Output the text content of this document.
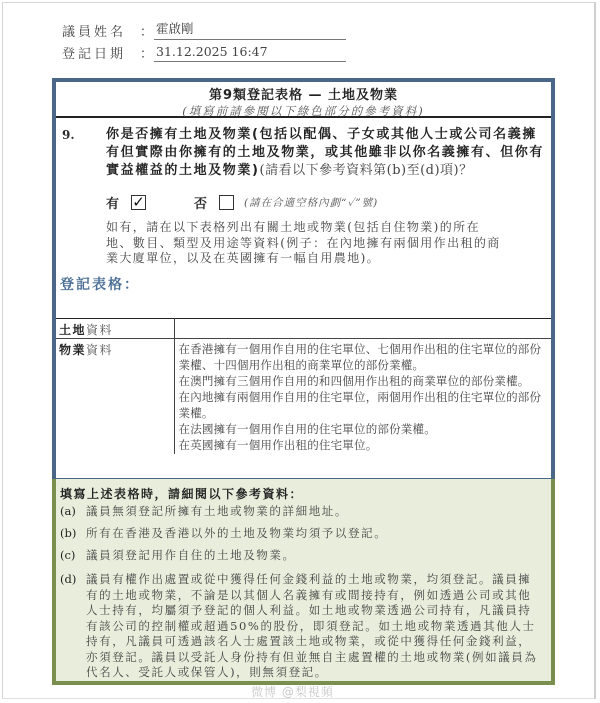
議員姓名	： 霍啟剛
登記日期	： 31.12.2025 16:47
第9類登記表格 — 土地及物業
(填寫前請參閱以下綠色部分的參考資料)
9.	你是否擁有土地及物業(包括以配偶、子女或其他人士或公司名義擁有但實際由你擁有的土地及物業，或其他雖非以你名義擁有、但你有實益權益的土地及物業)(請看以下參考資料第(b)至(d)項)？
有 ✓	否	(請在合適空格內劃“✓”號)
如有，請在以下表格列出有關土地或物業(包括自住物業)的所在地、數目、類型及用途等資料(例子：在內地擁有兩個用作出租的商業大廈單位，以及在英國擁有一幅自用農地)。
登記表格：
土地資料	
物業資料	在香港擁有一個用作自用的住宅單位、七個用作出租的住宅單位的部份業權、十四個用作出租的商業單位的部份業權。
在澳門擁有三個用作自用的和四個用作出租的商業單位的部份業權。
在內地擁有兩個用作自用的住宅單位，兩個用作出租的住宅單位的部份業權。
在法國擁有一個用作自用的住宅單位的部份業權。
在英國擁有一個用作出租的住宅單位。
填寫上述表格時，請細閱以下參考資料：
(a) 議員無須登記所擁有土地或物業的詳細地址。
(b) 所有在香港及香港以外的土地及物業均須予以登記。
(c) 議員須登記用作自住的土地及物業。
(d) 議員有權作出處置或從中獲得任何金錢利益的土地或物業，均須登記。議員擁有的土地或物業，不論是以其個人名義擁有或間接持有，例如透過公司或其他人士持有，均屬須予登記的個人利益。如土地或物業透過公司持有，凡議員持有該公司的控制權或超過50%的股份，即須登記。如土地或物業透過其他人士持有，凡議員可透過該名人士處置該土地或物業，或從中獲得任何金錢利益，亦須登記。議員以受託人身份持有但並無自主處置權的土地或物業(例如議員為代名人、受託人或保管人)，則無須登記。
微博 @梨視頻
